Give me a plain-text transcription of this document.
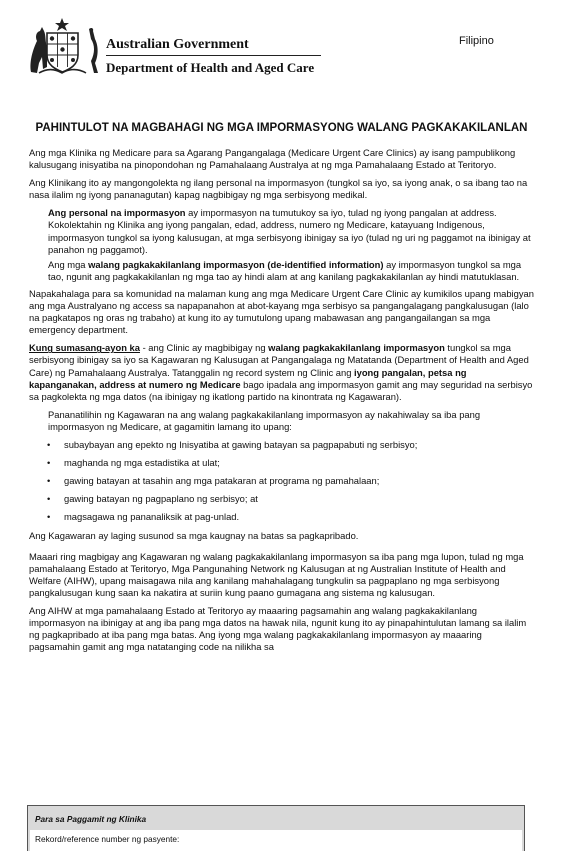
Australian Government
Department of Health and Aged Care
Filipino
PAHINTULOT NA MAGBAHAGI NG MGA IMPORMASYONG WALANG PAGKAKAKILANLAN
Ang mga Klinika ng Medicare para sa Agarang Pangangalaga (Medicare Urgent Care Clinics) ay isang pampublikong kalusugang inisyatiba na pinopondohan ng Pamahalaang Australya at ng mga Pamahalaang Estado at Teritoryo.
Ang Klinikang ito ay mangongolekta ng ilang personal na impormasyon (tungkol sa iyo, sa iyong anak, o sa ibang tao na nasa ilalim ng iyong pananagutan) kapag nagbibigay ng mga serbisyong medikal.
Ang personal na impormasyon ay impormasyon na tumutukoy sa iyo, tulad ng iyong pangalan at address. Kokolektahin ng Klinika ang iyong pangalan, edad, address, numero ng Medicare, katayuang Indigenous, impormasyon tungkol sa iyong kalusugan, at mga serbisyong ibinigay sa iyo (tulad ng uri ng paggamot na ibinigay at panahon ng paggamot).
Ang mga walang pagkakakilanlang impormasyon (de-identified information) ay impormasyon tungkol sa mga tao, ngunit ang pagkakakilanlan ng mga tao ay hindi alam at ang kanilang pagkakakilanlan ay hindi matutuklasan.
Napakahalaga para sa komunidad na malaman kung ang mga Medicare Urgent Care Clinic ay kumikilos upang mabigyan ang mga Australyano ng access sa napapanahon at abot-kayang mga serbisyo sa pangangalagang pangkalusugan (lalo na pagkatapos ng oras ng trabaho) at kung ito ay tumutulong upang mabawasan ang pangangailangan sa mga emergency department.
Kung sumasang-ayon ka - ang Clinic ay magbibigay ng walang pagkakakilanlang impormasyon tungkol sa mga serbisyong ibinigay sa iyo sa Kagawaran ng Kalusugan at Pangangalaga ng Matatanda (Department of Health and Aged Care) ng Pamahalaang Australya. Tatanggalin ng record system ng Clinic ang iyong pangalan, petsa ng kapanganakan, address at numero ng Medicare bago ipadala ang impormasyon gamit ang may seguridad na serbisyo sa pagkolekta ng mga datos (na ibinigay ng ikatlong partido na kinontrata ng Kagawaran).
Pananatilihin ng Kagawaran na ang walang pagkakakilanlang impormasyon ay nakahiwalay sa iba pang impormasyon ng Medicare, at gagamitin lamang ito upang:
• subaybayan ang epekto ng Inisyatiba at gawing batayan sa pagpapabuti ng serbisyo;
• maghanda ng mga estadistika at ulat;
• gawing batayan at tasahin ang mga patakaran at programa ng pamahalaan;
• gawing batayan ng pagpaplano ng serbisyo; at
• magsagawa ng pananaliksik at pag-unlad.
Ang Kagawaran ay laging susunod sa mga kaugnay na batas sa pagkapribado.
Maaari ring magbigay ang Kagawaran ng walang pagkakakilanlang impormasyon sa iba pang mga lupon, tulad ng mga pamahalaang Estado at Teritoryo, Mga Pangunahing Network ng Kalusugan at ng Australian Institute of Health and Welfare (AIHW), upang maisagawa nila ang kanilang mahahalagang tungkulin sa pagpaplano ng mga serbisyong pangkalusugan kung saan ka nakatira at suriin kung paano gumagana ang sistema ng kalusugan.
Ang AIHW at mga pamahalaang Estado at Teritoryo ay maaaring pagsamahin ang walang pagkakakilanlang impormasyon na ibinigay at ang iba pang mga datos na hawak nila, ngunit kung ito ay pinapahintulutan lamang sa ilalim ng pagkapribado at iba pang mga batas. Ang iyong mga walang pagkakakilanlang impormasyon ay maaaring pagsamahin gamit ang mga natatanging code na nilikha sa
Para sa Paggamit ng Klinika
Rekord/reference number ng pasyente:
